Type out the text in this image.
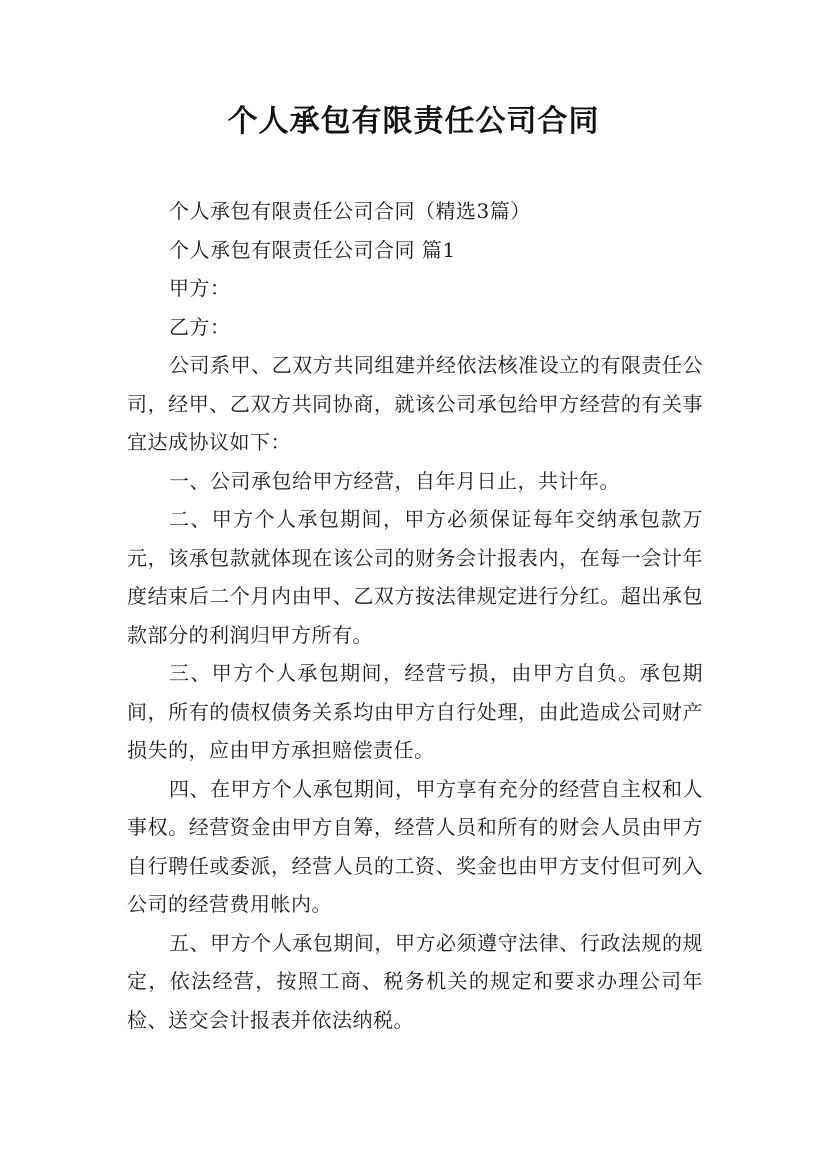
个人承包有限责任公司合同

个人承包有限责任公司合同（精选3篇）

个人承包有限责任公司合同 篇1

甲方：

乙方：

公司系甲、乙双方共同组建并经依法核准设立的有限责任公司，经甲、乙双方共同协商，就该公司承包给甲方经营的有关事宜达成协议如下：

一、公司承包给甲方经营，自年月日止，共计年。

二、甲方个人承包期间，甲方必须保证每年交纳承包款万元，该承包款就体现在该公司的财务会计报表内，在每一会计年度结束后二个月内由甲、乙双方按法律规定进行分红。超出承包款部分的利润归甲方所有。

三、甲方个人承包期间，经营亏损，由甲方自负。承包期间，所有的债权债务关系均由甲方自行处理，由此造成公司财产损失的，应由甲方承担赔偿责任。

四、在甲方个人承包期间，甲方享有充分的经营自主权和人事权。经营资金由甲方自筹，经营人员和所有的财会人员由甲方自行聘任或委派，经营人员的工资、奖金也由甲方支付但可列入公司的经营费用帐内。

五、甲方个人承包期间，甲方必须遵守法律、行政法规的规定，依法经营，按照工商、税务机关的规定和要求办理公司年检、送交会计报表并依法纳税。
